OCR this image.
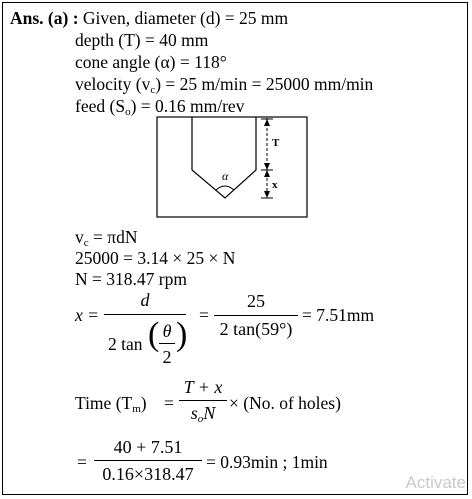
Ans. (a) : Given, diameter (d) = 25 mm
depth (T) = 40 mm
cone angle (α) = 118°
velocity $(v_c) = 25$ m/min = 25000 mm/min
feed $(S_o) = 0.16$ mm/rev
α
T
x
$v_c = \pi dN$
25000 = 3.14 × 25 × N
N = 318.47 rpm
x =
d
2 tan ( θ
2
)
=
25
2 tan(59°)
= 7.51mm
Time $(T_m)$ =
T + x
$s_oN$
× (No. of holes)
=
40 + 7.51
0.16×318.47
= 0.93min ; 1min
Activate
